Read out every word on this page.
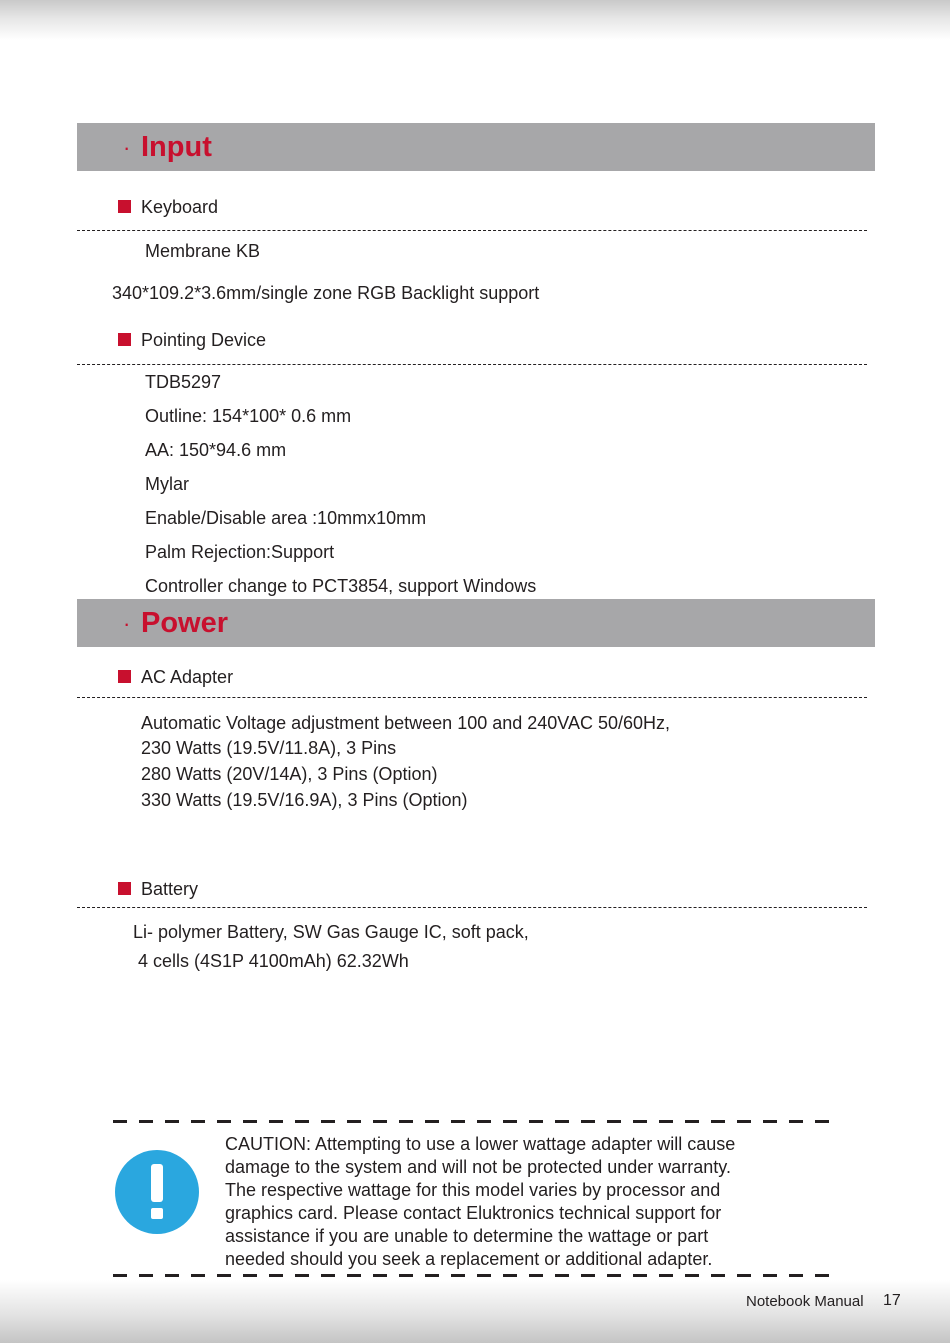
· Input
Keyboard
Membrane KB
340*109.2*3.6mm/single zone RGB Backlight support
Pointing Device
TDB5297
Outline: 154*100* 0.6 mm
AA: 150*94.6 mm
Mylar
Enable/Disable area :10mmx10mm
Palm Rejection:Support
Controller change to PCT3854, support Windows
· Power
AC Adapter
Automatic Voltage adjustment between 100 and 240VAC 50/60Hz,
230 Watts (19.5V/11.8A), 3 Pins
280 Watts (20V/14A), 3 Pins (Option)
330 Watts (19.5V/16.9A), 3 Pins (Option)
Battery
Li- polymer Battery, SW Gas Gauge IC, soft pack,
4 cells (4S1P 4100mAh) 62.32Wh
CAUTION: Attempting to use a lower wattage adapter will cause
damage to the system and will not be protected under warranty.
The respective wattage for this model varies by processor and
graphics card. Please contact Eluktronics technical support for
assistance if you are unable to determine the wattage or part
needed should you seek a replacement or additional adapter.
Notebook Manual 17
